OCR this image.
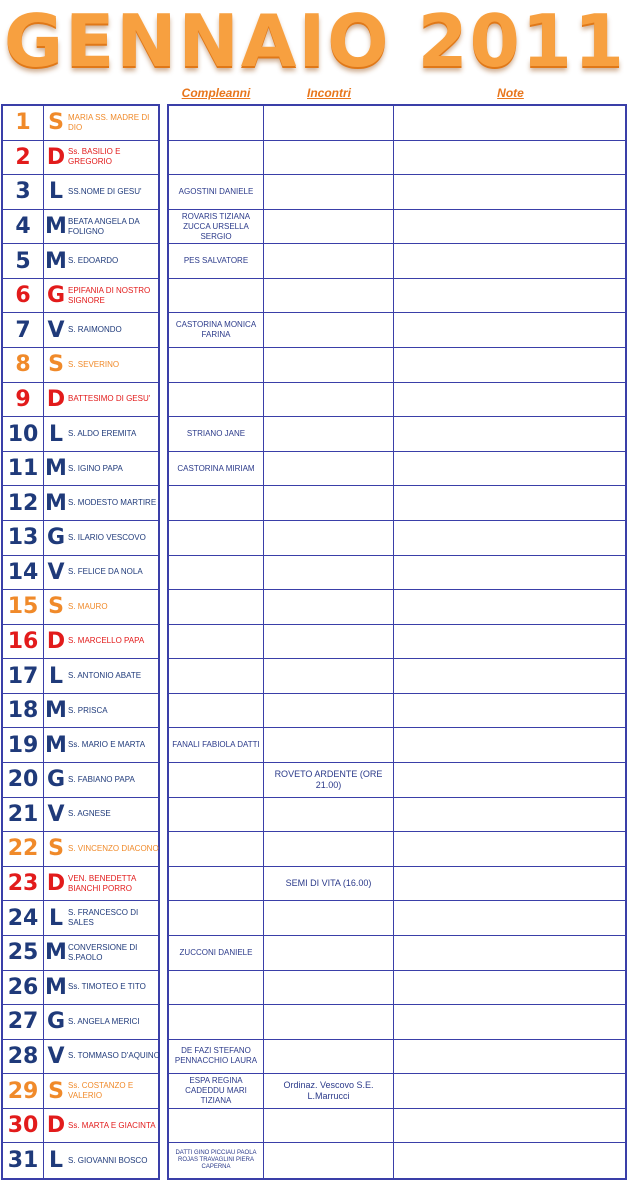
GENNAIO 2011
Compleanni	Incontri	Note
1 S MARIA SS. MADRE DI DIO
2 D Ss. BASILIO E GREGORIO
3 L SS.NOME DI GESU'
4 M BEATA ANGELA DA FOLIGNO
5 M S. EDOARDO
6 G EPIFANIA DI NOSTRO SIGNORE
7 V S. RAIMONDO
8 S S. SEVERINO
9 D BATTESIMO DI GESU'
10 L S. ALDO EREMITA
11 M S. IGINO PAPA
12 M S. MODESTO MARTIRE
13 G S. ILARIO VESCOVO
14 V S. FELICE DA NOLA
15 S S. MAURO
16 D S. MARCELLO PAPA
17 L S. ANTONIO ABATE
18 M S. PRISCA
19 M Ss. MARIO E MARTA
20 G S. FABIANO PAPA
21 V S. AGNESE
22 S S. VINCENZO DIACONO
23 D VEN. BENEDETTA BIANCHI PORRO
24 L S. FRANCESCO DI SALES
25 M CONVERSIONE DI S.PAOLO
26 M Ss. TIMOTEO E TITO
27 G S. ANGELA MERICI
28 V S. TOMMASO D'AQUINO
29 S Ss. COSTANZO E VALERIO
30 D Ss. MARTA E GIACINTA
31 L S. GIOVANNI BOSCO
AGOSTINI DANIELE
ROVARIS TIZIANA ZUCCA URSELLA SERGIO
PES SALVATORE
CASTORINA MONICA FARINA
STRIANO JANE
CASTORINA MIRIAM
FANALI FABIOLA DATTI
ROVETO ARDENTE (ORE 21.00)
SEMI DI VITA (16.00)
ZUCCONI DANIELE
DE FAZI STEFANO PENNACCHIO LAURA
ESPA REGINA CADEDDU MARI TIZIANA
Ordinaz. Vescovo S.E. L.Marrucci
DATTI GINO PICCIAU PAOLA ROJAS TRAVAGLINI PIERA CAPERNA
